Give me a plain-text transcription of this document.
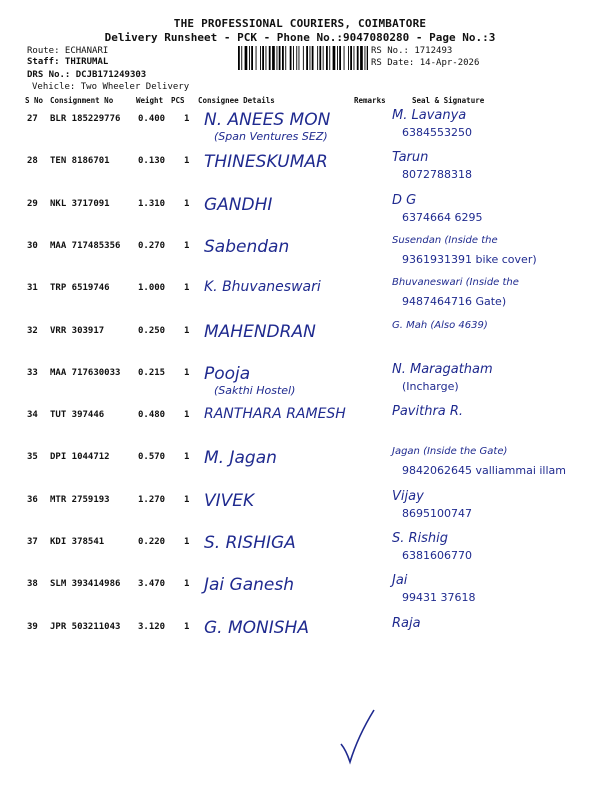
THE PROFESSIONAL COURIERS, COIMBATORE
Delivery Runsheet - PCK - Phone No.:9047080280 - Page No.:3
Route: ECHANARI
Staff: THIRUMAL
DRS No.: DCJB171249303
Vehicle: Two Wheeler Delivery
RS No.: 1712493
RS Date: 14-Apr-2026
S No Consignment No	Weight PCS Consignee Details	Remarks	Seal & Signature
27 BLR 185229776 0.400 1 N. ANEES MON
(Span Ventures SEZ)
M. Lavanya
6384553250
28 TEN 8186701	0.130 1 THINESKUMAR	Tarun
8072788318
29 NKL 3717091	1.310 1 GANDHI	D G
6374664 6295
30 MAA 717485356 0.270 1 Sabendan	Susendan (Inside the
9361931391 bike cover)
31 TRP 6519746	1.000 1 K. Bhuvaneswari	Bhuvaneswari (Inside the
9487464716 Gate)
32 VRR 303917	0.250 1 MAHENDRAN	G. Mah (Also 4639)
33 MAA 717630033 0.215 1 Pooja
(Sakthi Hostel)
N. Maragatham
(Incharge)
34 TUT 397446	0.480 1 RANTHARA RAMESH	Pavithra R.
35 DPI 1044712	0.570 1 M. Jagan	Jagan (Inside the Gate)
9842062645 valliammai illam
36 MTR 2759193	1.270 1 VIVEK	Vijay
8695100747
37 KDI 378541	0.220 1 S. RISHIGA	S. Rishig
6381606770
38 SLM 393414986 3.470 1 Jai Ganesh	Jai
99431 37618
39 JPR 503211043 3.120 1 G. MONISHA	Raja
